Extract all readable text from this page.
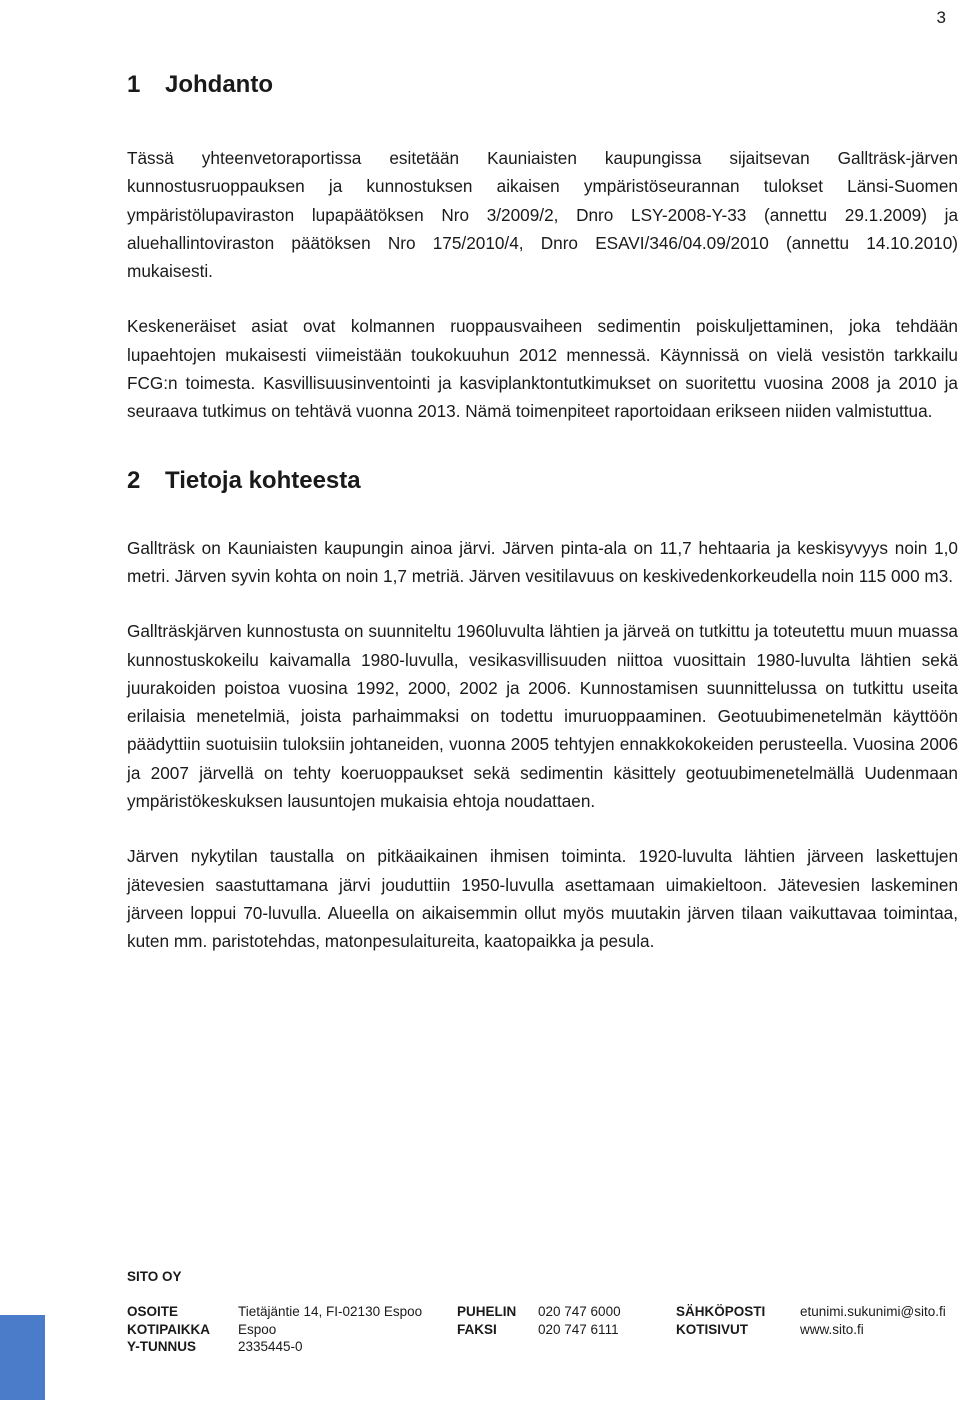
3
1 Johdanto

Tässä yhteenvetoraportissa esitetään Kauniaisten kaupungissa sijaitsevan Gallträsk-järven kunnostusruoppauksen ja kunnostuksen aikaisen ympäristöseurannan tulokset Länsi-Suomen ympäristölupaviraston lupapäätöksen Nro 3/2009/2, Dnro LSY-2008-Y-33 (annettu 29.1.2009) ja aluehallintoviraston päätöksen Nro 175/2010/4, Dnro ESAVI/346/04.09/2010 (annettu 14.10.2010) mukaisesti.

Keskeneräiset asiat ovat kolmannen ruoppausvaiheen sedimentin poiskuljettaminen, joka tehdään lupaehtojen mukaisesti viimeistään toukokuuhun 2012 mennessä. Käynnissä on vielä vesistön tarkkailu FCG:n toimesta. Kasvillisuusinventointi ja kasviplanktontutkimukset on suoritettu vuosina 2008 ja 2010 ja seuraava tutkimus on tehtävä vuonna 2013. Nämä toimenpiteet raportoidaan erikseen niiden valmistuttua.

2 Tietoja kohteesta

Gallträsk on Kauniaisten kaupungin ainoa järvi. Järven pinta-ala on 11,7 hehtaaria ja keskisyvyys noin 1,0 metri. Järven syvin kohta on noin 1,7 metriä. Järven vesitilavuus on keskivedenkorkeudella noin 115 000 m3.

Gallträskjärven kunnostusta on suunniteltu 1960luvulta lähtien ja järveä on tutkittu ja toteutettu muun muassa kunnostuskokeilu kaivamalla 1980-luvulla, vesikasvillisuuden niittoa vuosittain 1980-luvulta lähtien sekä juurakoiden poistoa vuosina 1992, 2000, 2002 ja 2006. Kunnostamisen suunnittelussa on tutkittu useita erilaisia menetelmiä, joista parhaimmaksi on todettu imuruoppaaminen. Geotuubimenetelmän käyttöön päädyttiin suotuisiin tuloksiin johtaneiden, vuonna 2005 tehtyjen ennakkokokeiden perusteella. Vuosina 2006 ja 2007 järvellä on tehty koeruoppaukset sekä sedimentin käsittely geotuubimenetelmällä Uudenmaan ympäristökeskuksen lausuntojen mukaisia ehtoja noudattaen.

Järven nykytilan taustalla on pitkäaikainen ihmisen toiminta. 1920-luvulta lähtien järveen laskettujen jätevesien saastuttamana järvi jouduttiin 1950-luvulla asettamaan uimakieltoon. Jätevesien laskeminen järveen loppui 70-luvulla. Alueella on aikaisemmin ollut myös muutakin järven tilaan vaikuttavaa toimintaa, kuten mm. paristotehdas, matonpesulaitureita, kaatopaikka ja pesula.

SITO OY
OSOITE
KOTIPAIKKA
Y-TUNNUS
Tietäjäntie 14, FI-02130 Espoo
Espoo
2335445-0
PUHELIN
FAKSI
020 747 6000
020 747 6111
SÄHKÖPOSTI
KOTISIVUT
etunimi.sukunimi@sito.fi
www.sito.fi
